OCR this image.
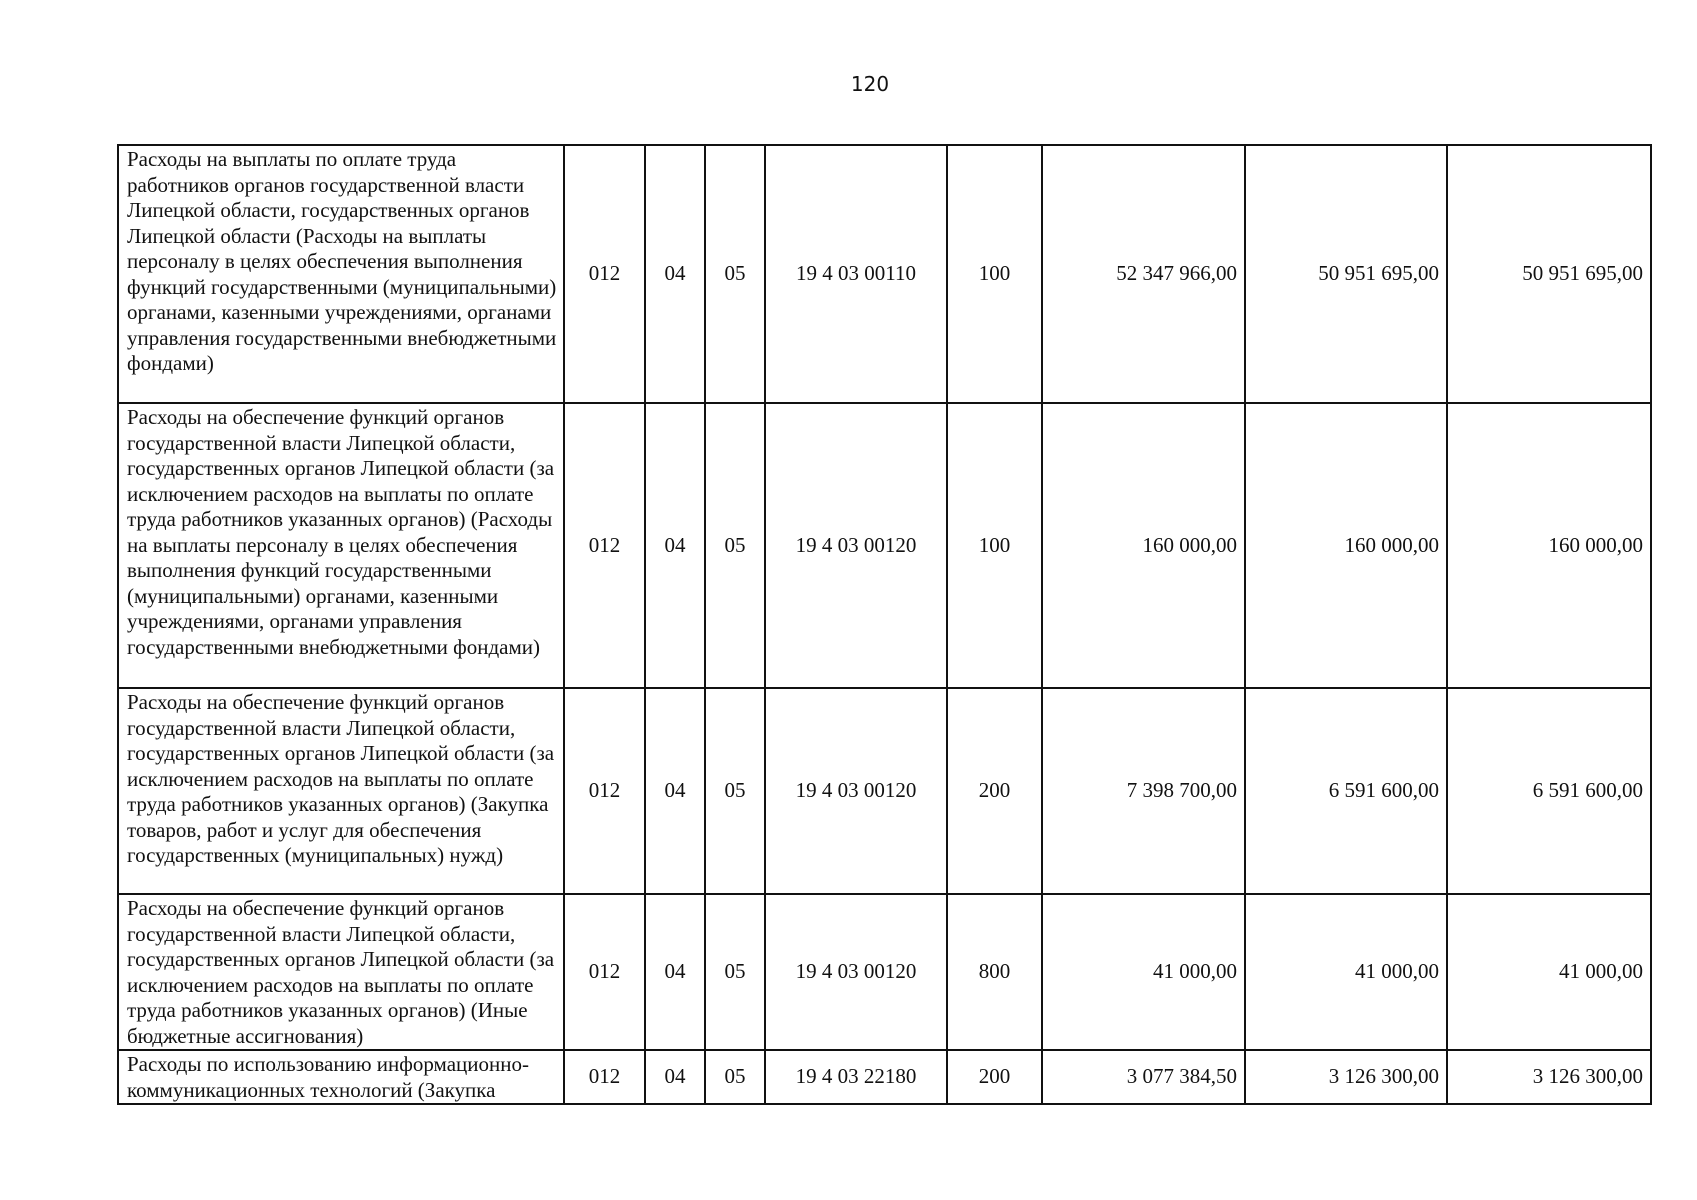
120
Расходы на выплаты по оплате труда работников органов государственной власти Липецкой области, государственных органов Липецкой области (Расходы на выплаты персоналу в целях обеспечения выполнения функций государственными (муниципальными) органами, казенными учреждениями, органами управления государственными внебюджетными фондами)	012	04	05	19 4 03 00110	100	52 347 966,00	50 951 695,00	50 951 695,00
Расходы на обеспечение функций органов государственной власти Липецкой области, государственных органов Липецкой области (за исключением расходов на выплаты по оплате труда работников указанных органов) (Расходы на выплаты персоналу в целях обеспечения выполнения функций государственными (муниципальными) органами, казенными учреждениями, органами управления государственными внебюджетными фондами)	012	04	05	19 4 03 00120	100	160 000,00	160 000,00	160 000,00
Расходы на обеспечение функций органов государственной власти Липецкой области, государственных органов Липецкой области (за исключением расходов на выплаты по оплате труда работников указанных органов) (Закупка товаров, работ и услуг для обеспечения государственных (муниципальных) нужд)	012	04	05	19 4 03 00120	200	7 398 700,00	6 591 600,00	6 591 600,00
Расходы на обеспечение функций органов государственной власти Липецкой области, государственных органов Липецкой области (за исключением расходов на выплаты по оплате труда работников указанных органов) (Иные бюджетные ассигнования)	012	04	05	19 4 03 00120	800	41 000,00	41 000,00	41 000,00
Расходы по использованию информационно-коммуникационных технологий (Закупка	012	04	05	19 4 03 22180	200	3 077 384,50	3 126 300,00	3 126 300,00
